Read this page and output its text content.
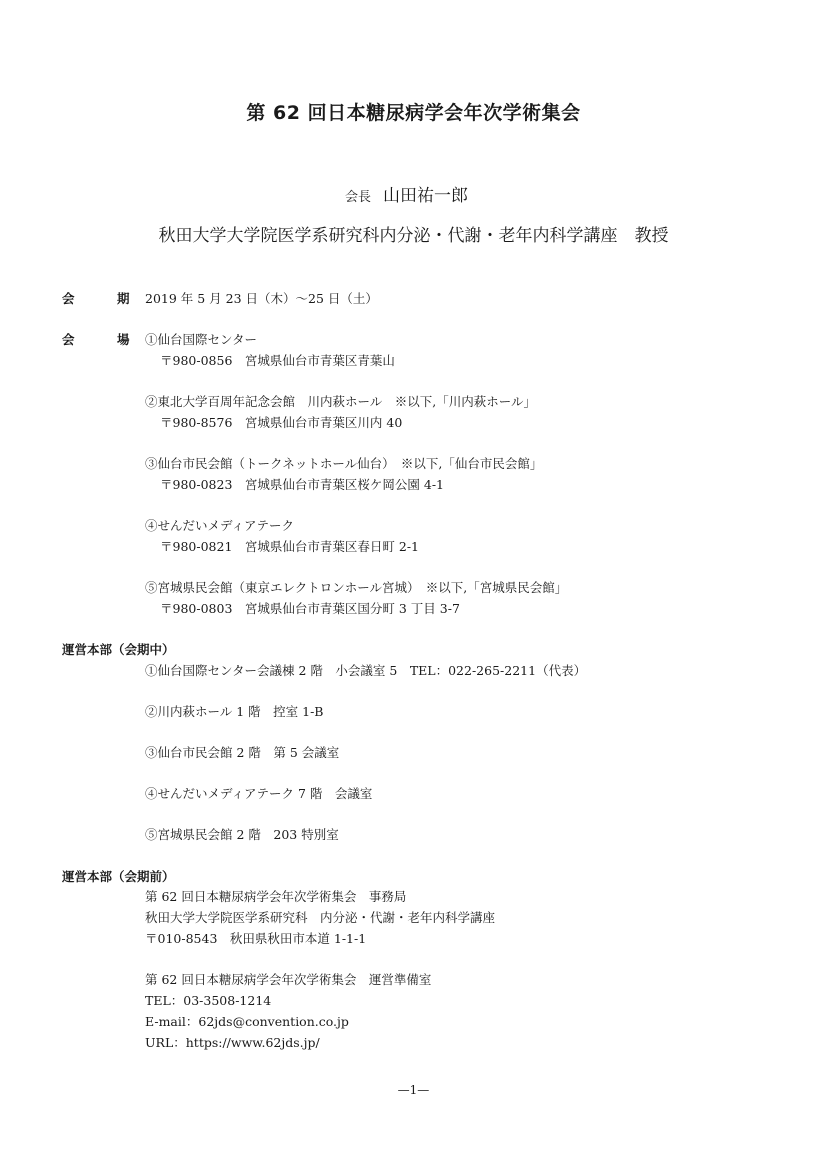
第 62 回日本糖尿病学会年次学術集会
会長 山田祐一郎
秋田大学大学院医学系研究科内分泌・代謝・老年内科学講座　教授
会　期 2019 年 5 月 23 日（木）～25 日（土）
会　場 ①仙台国際センター
〒980-0856　宮城県仙台市青葉区青葉山
②東北大学百周年記念会館　川内萩ホール　※以下,「川内萩ホール」
〒980-8576　宮城県仙台市青葉区川内 40
③仙台市民会館（トークネットホール仙台）　※以下,「仙台市民会館」
〒980-0823　宮城県仙台市青葉区桜ケ岡公園 4-1
④せんだいメディアテーク
〒980-0821　宮城県仙台市青葉区春日町 2-1
⑤宮城県民会館（東京エレクトロンホール宮城）　※以下,「宮城県民会館」
〒980-0803　宮城県仙台市青葉区国分町 3 丁目 3-7
運営本部（会期中）
①仙台国際センター会議棟 2 階　小会議室 5　TEL：022-265-2211（代表）
②川内萩ホール 1 階　控室 1-B
③仙台市民会館 2 階　第 5 会議室
④せんだいメディアテーク 7 階　会議室
⑤宮城県民会館 2 階　203 特別室
運営本部（会期前）
第 62 回日本糖尿病学会年次学術集会　事務局
秋田大学大学院医学系研究科　内分泌・代謝・老年内科学講座
〒010-8543　秋田県秋田市本道 1-1-1
第 62 回日本糖尿病学会年次学術集会　運営準備室
TEL：03-3508-1214
E-mail：62jds@convention.co.jp
URL：https://www.62jds.jp/
—1—
